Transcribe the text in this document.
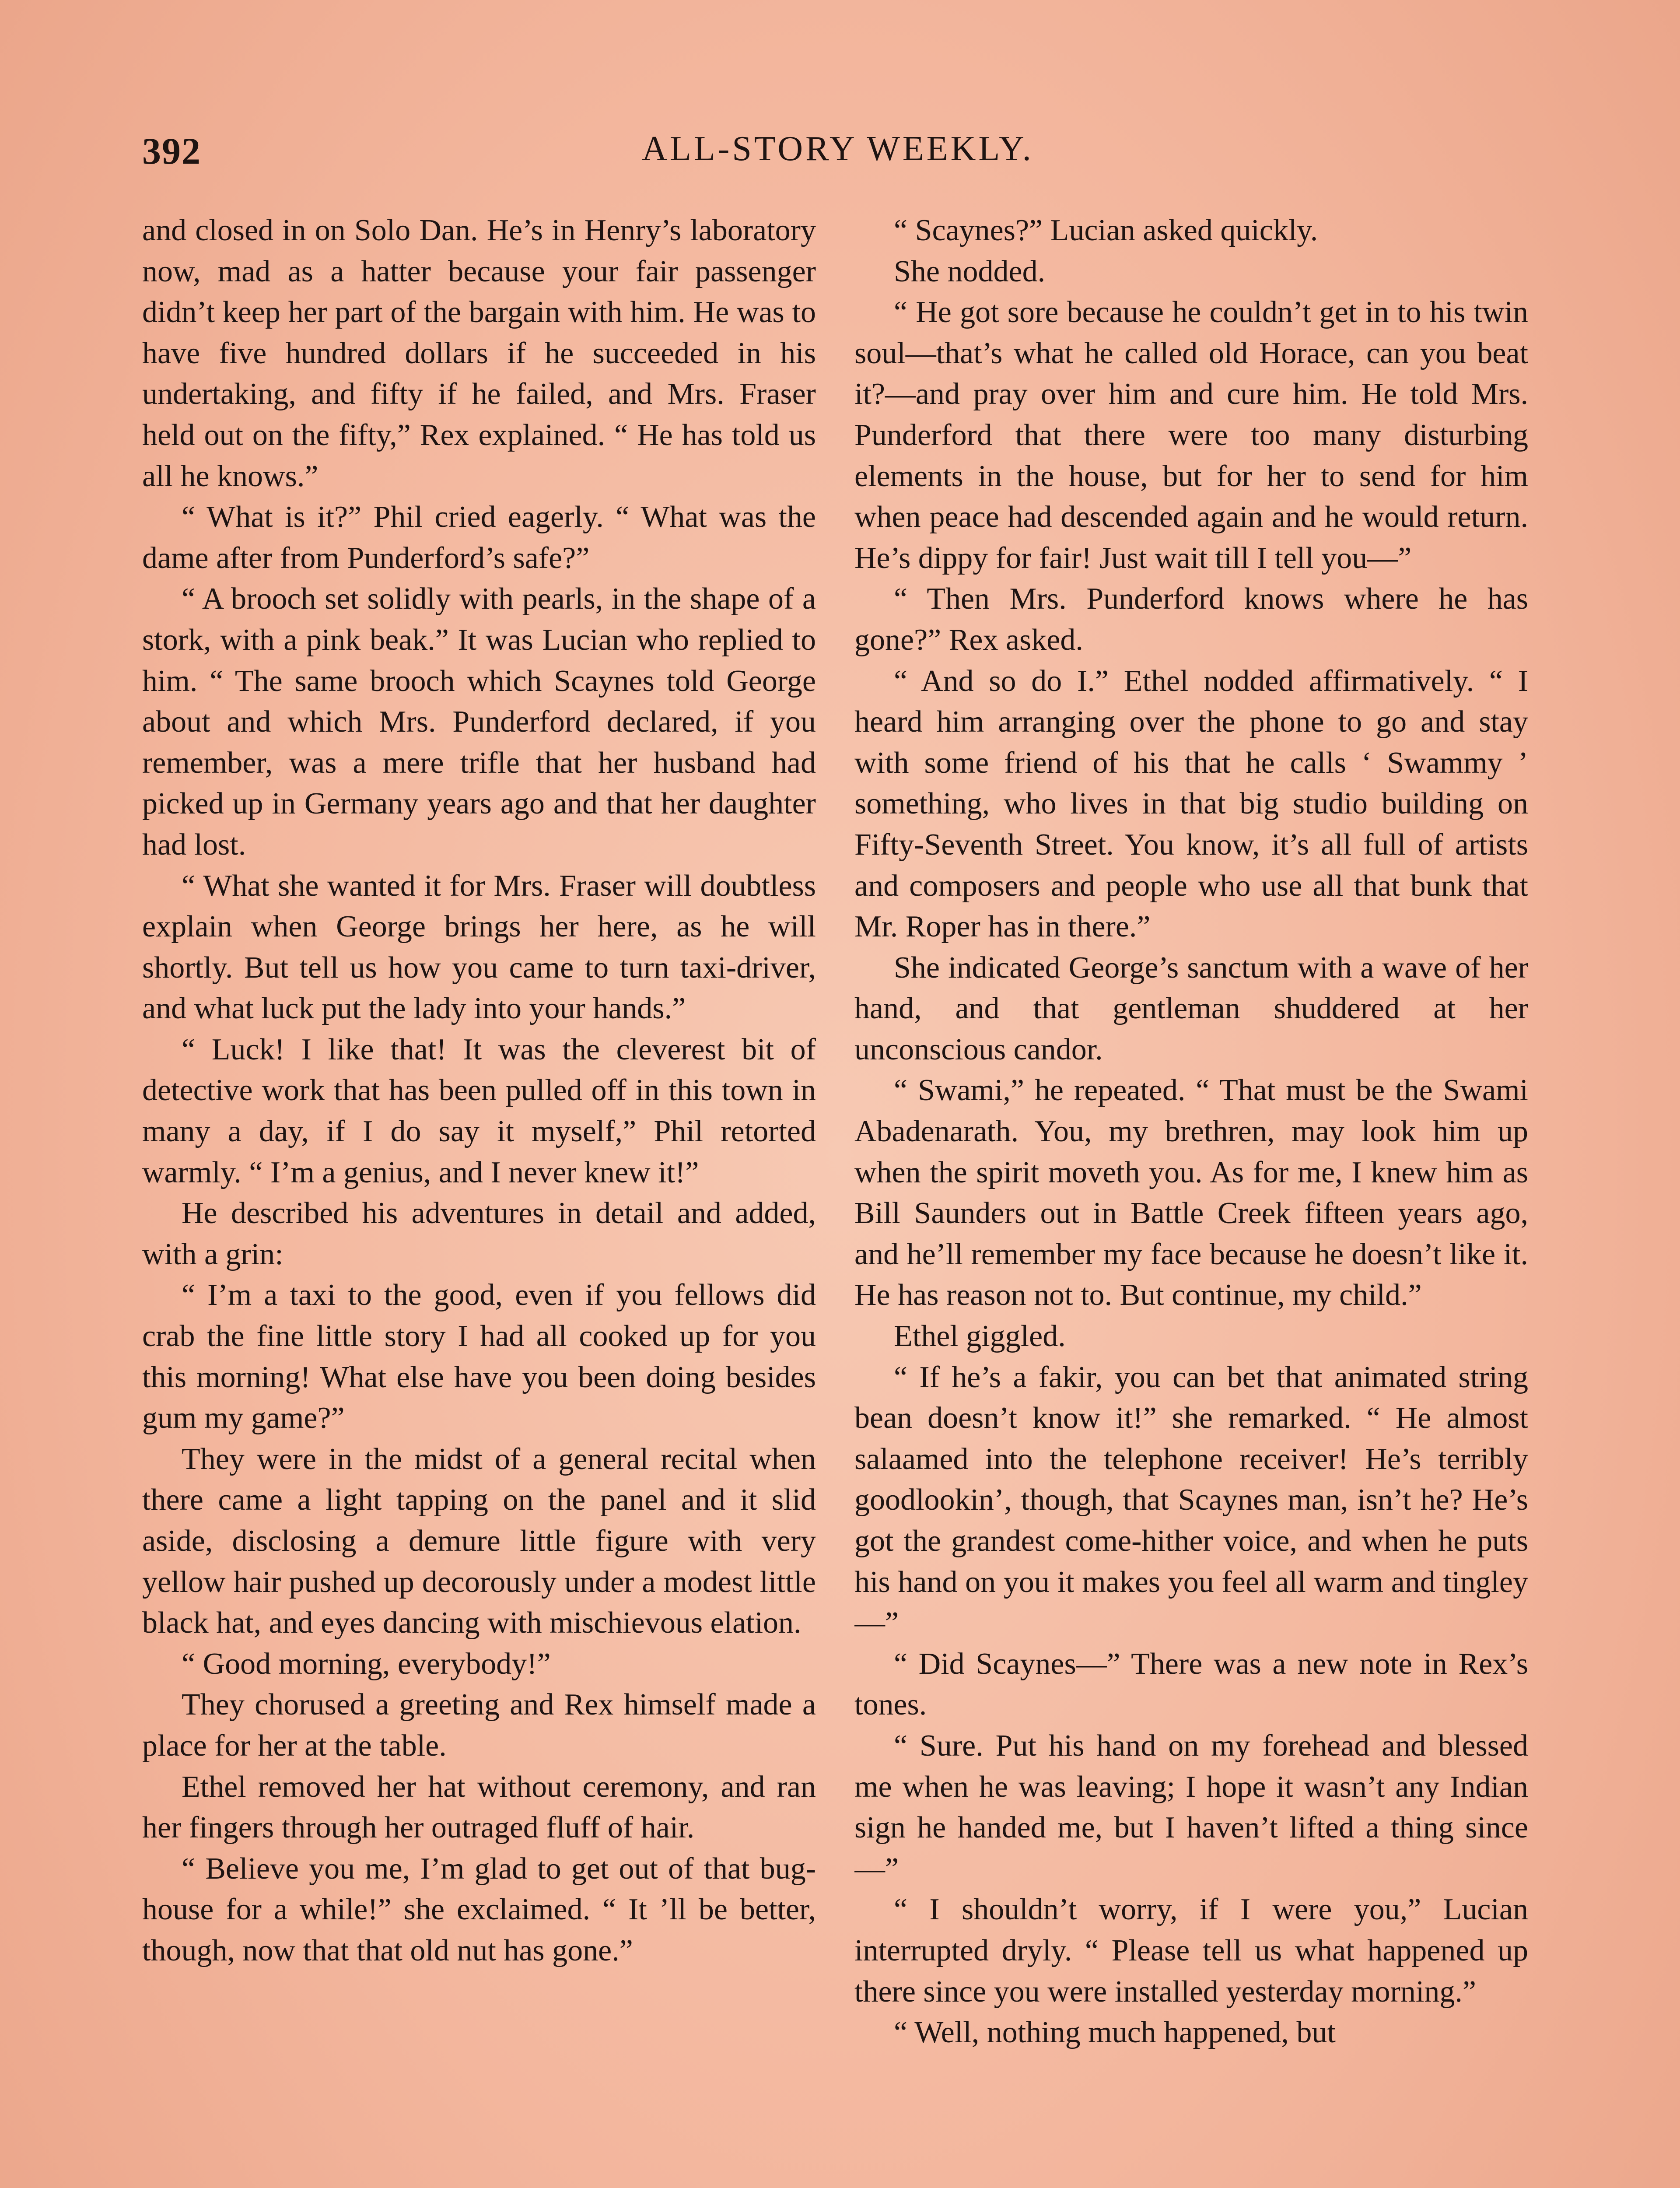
392	ALL-STORY WEEKLY.

and closed in on Solo Dan. He’s in Henry’s laboratory now, mad as a hatter because your fair passenger didn’t keep her part of the bargain with him. He was to have five hundred dollars if he succeeded in his undertaking, and fifty if he failed, and Mrs. Fraser held out on the fifty,” Rex explained. “ He has told us all he knows.”

“ What is it?” Phil cried eagerly. “ What was the dame after from Punderford’s safe?”

“ A brooch set solidly with pearls, in the shape of a stork, with a pink beak.” It was Lucian who replied to him. “ The same brooch which Scaynes told George about and which Mrs. Punderford declared, if you remember, was a mere trifle that her husband had picked up in Germany years ago and that her daughter had lost.

“ What she wanted it for Mrs. Fraser will doubtless explain when George brings her here, as he will shortly. But tell us how you came to turn taxi-driver, and what luck put the lady into your hands.”

“ Luck! I like that! It was the cleverest bit of detective work that has been pulled off in this town in many a day, if I do say it myself,” Phil retorted warmly. “ I’m a genius, and I never knew it!”

He described his adventures in detail and added, with a grin:

“ I’m a taxi to the good, even if you fellows did crab the fine little story I had all cooked up for you this morning! What else have you been doing besides gum my game?”

They were in the midst of a general recital when there came a light tapping on the panel and it slid aside, disclosing a demure little figure with very yellow hair pushed up decorously under a modest little black hat, and eyes dancing with mischievous elation.

“ Good morning, everybody!”

They chorused a greeting and Rex himself made a place for her at the table.

Ethel removed her hat without ceremony, and ran her fingers through her outraged fluff of hair.

“ Believe you me, I’m glad to get out of that bug-house for a while!” she exclaimed. “ It ’ll be better, though, now that that old nut has gone.”

“ Scaynes?” Lucian asked quickly.

She nodded.

“ He got sore because he couldn’t get in to his twin soul—that’s what he called old Horace, can you beat it?—and pray over him and cure him. He told Mrs. Punderford that there were too many disturbing elements in the house, but for her to send for him when peace had descended again and he would return. He’s dippy for fair! Just wait till I tell you—”

“ Then Mrs. Punderford knows where he has gone?” Rex asked.

“ And so do I.” Ethel nodded affirmatively. “ I heard him arranging over the phone to go and stay with some friend of his that he calls ‘ Swammy ’ something, who lives in that big studio building on Fifty-Seventh Street. You know, it’s all full of artists and composers and people who use all that bunk that Mr. Roper has in there.”

She indicated George’s sanctum with a wave of her hand, and that gentleman shuddered at her unconscious candor.

“ Swami,” he repeated. “ That must be the Swami Abadenarath. You, my brethren, may look him up when the spirit moveth you. As for me, I knew him as Bill Saunders out in Battle Creek fifteen years ago, and he’ll remember my face because he doesn’t like it. He has reason not to. But continue, my child.”

Ethel giggled.

“ If he’s a fakir, you can bet that animated string bean doesn’t know it!” she remarked. “ He almost salaamed into the telephone receiver! He’s terribly goodlookin’, though, that Scaynes man, isn’t he? He’s got the grandest come-hither voice, and when he puts his hand on you it makes you feel all warm and tingley—”

“ Did Scaynes—” There was a new note in Rex’s tones.

“ Sure. Put his hand on my forehead and blessed me when he was leaving; I hope it wasn’t any Indian sign he handed me, but I haven’t lifted a thing since—”

“ I shouldn’t worry, if I were you,” Lucian interrupted dryly. “ Please tell us what happened up there since you were installed yesterday morning.”

“ Well, nothing much happened, but
